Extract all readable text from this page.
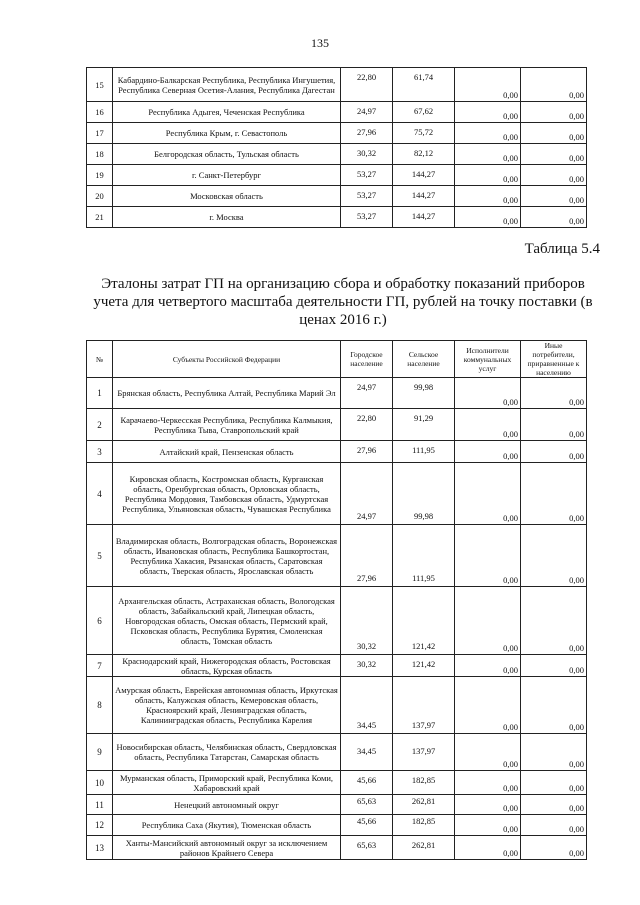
135
15	Кабардино-Балкарская Республика, Республика Ингушетия, Республика Северная Осетия-Алания, Республика Дагестан	22,80	61,74	0,00	0,00
16	Республика Адыгея, Чеченская Республика	24,97	67,62	0,00	0,00
17	Республика Крым, г. Севастополь	27,96	75,72	0,00	0,00
18	Белгородская область, Тульская область	30,32	82,12	0,00	0,00
19	г. Санкт-Петербург	53,27	144,27	0,00	0,00
20	Московская область	53,27	144,27	0,00	0,00
21	г. Москва	53,27	144,27	0,00	0,00
Таблица 5.4
Эталоны затрат ГП на организацию сбора и обработку показаний приборов учета для четвертого масштаба деятельности ГП, рублей на точку поставки (в ценах 2016 г.)
№	Субъекты Российской Федерации	Городское население	Сельское население	Исполнители коммунальных услуг	Иные потребители, приравненные к населению
1	Брянская область, Республика Алтай, Республика Марий Эл	24,97	99,98	0,00	0,00
2	Карачаево-Черкесская Республика, Республика Калмыкия, Республика Тыва, Ставропольский край	22,80	91,29	0,00	0,00
3	Алтайский край, Пензенская область	27,96	111,95	0,00	0,00
4	Кировская область, Костромская область, Курганская область, Оренбургская область, Орловская область, Республика Мордовия, Тамбовская область, Удмуртская Республика, Ульяновская область, Чувашская Республика	24,97	99,98	0,00	0,00
5	Владимирская область, Волгоградская область, Воронежская область, Ивановская область, Республика Башкортостан, Республика Хакасия, Рязанская область, Саратовская область, Тверская область, Ярославская область	27,96	111,95	0,00	0,00
6	Архангельская область, Астраханская область, Вологодская область, Забайкальский край, Липецкая область, Новгородская область, Омская область, Пермский край, Псковская область, Республика Бурятия, Смоленская область, Томская область	30,32	121,42	0,00	0,00
7	Краснодарский край, Нижегородская область, Ростовская область, Курская область	30,32	121,42	0,00	0,00
8	Амурская область, Еврейская автономная область, Иркутская область, Калужская область, Кемеровская область, Красноярский край, Ленинградская область, Калининградская область, Республика Карелия	34,45	137,97	0,00	0,00
9	Новосибирская область, Челябинская область, Свердловская область, Республика Татарстан, Самарская область	34,45	137,97	0,00	0,00
10	Мурманская область, Приморский край, Республика Коми, Хабаровский край	45,66	182,85	0,00	0,00
11	Ненецкий автономный округ	65,63	262,81	0,00	0,00
12	Республика Саха (Якутия), Тюменская область	45,66	182,85	0,00	0,00
13	Ханты-Мансийский автономный округ за исключением районов Крайнего Севера	65,63	262,81	0,00	0,00
